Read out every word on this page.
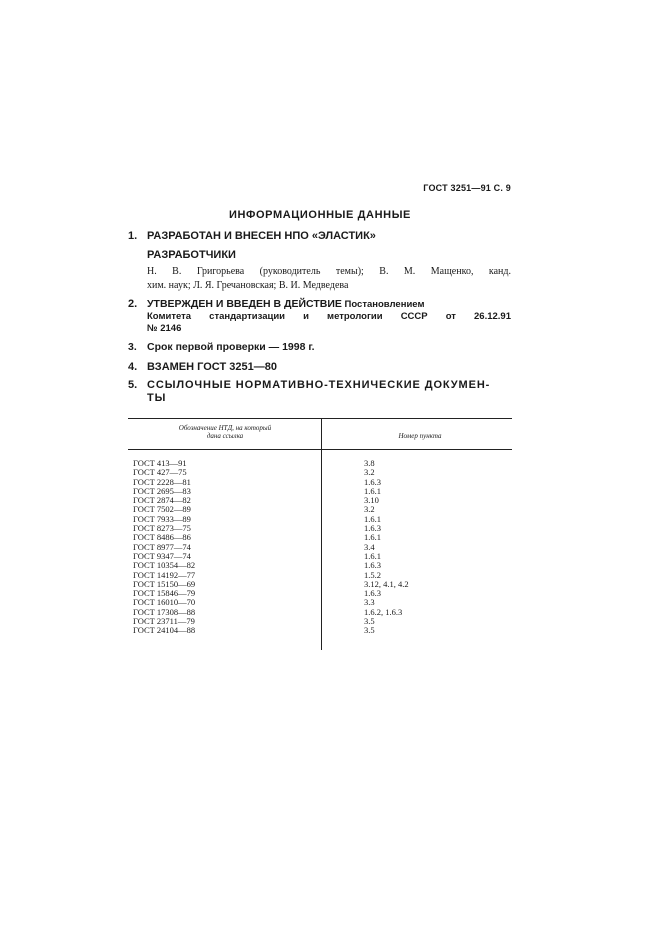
ГОСТ 3251—91 С. 9
ИНФОРМАЦИОННЫЕ ДАННЫЕ
1. РАЗРАБОТАН И ВНЕСЕН НПО «ЭЛАСТИК»
РАЗРАБОТЧИКИ
Н. В. Григорьева (руководитель темы); В. М. Мащенко, канд.
хим. наук; Л. Я. Гречановская; В. И. Медведева
2. УТВЕРЖДЕН И ВВЕДЕН В ДЕЙСТВИЕ Постановлением
Комитета стандартизации и метрологии СССР от 26.12.91
№ 2146
3. Срок первой проверки — 1998 г.
4. ВЗАМЕН ГОСТ 3251—80
5. ССЫЛОЧНЫЕ НОРМАТИВНО-ТЕХНИЧЕСКИЕ ДОКУМЕН-
ТЫ
Обозначение НТД, на который
дана ссылка	Номер пункта
ГОСТ 413—91
ГОСТ 427—75
ГОСТ 2228—81
ГОСТ 2695—83
ГОСТ 2874—82
ГОСТ 7502—89
ГОСТ 7933—89
ГОСТ 8273—75
ГОСТ 8486—86
ГОСТ 8977—74
ГОСТ 9347—74
ГОСТ 10354—82
ГОСТ 14192—77
ГОСТ 15150—69
ГОСТ 15846—79
ГОСТ 16010—70
ГОСТ 17308—88
ГОСТ 23711—79
ГОСТ 24104—88
3.8
3.2
1.6.3
1.6.1
3.10
3.2
1.6.1
1.6.3
1.6.1
3.4
1.6.1
1.6.3
1.5.2
3.12, 4.1, 4.2
1.6.3
3.3
1.6.2, 1.6.3
3.5
3.5
